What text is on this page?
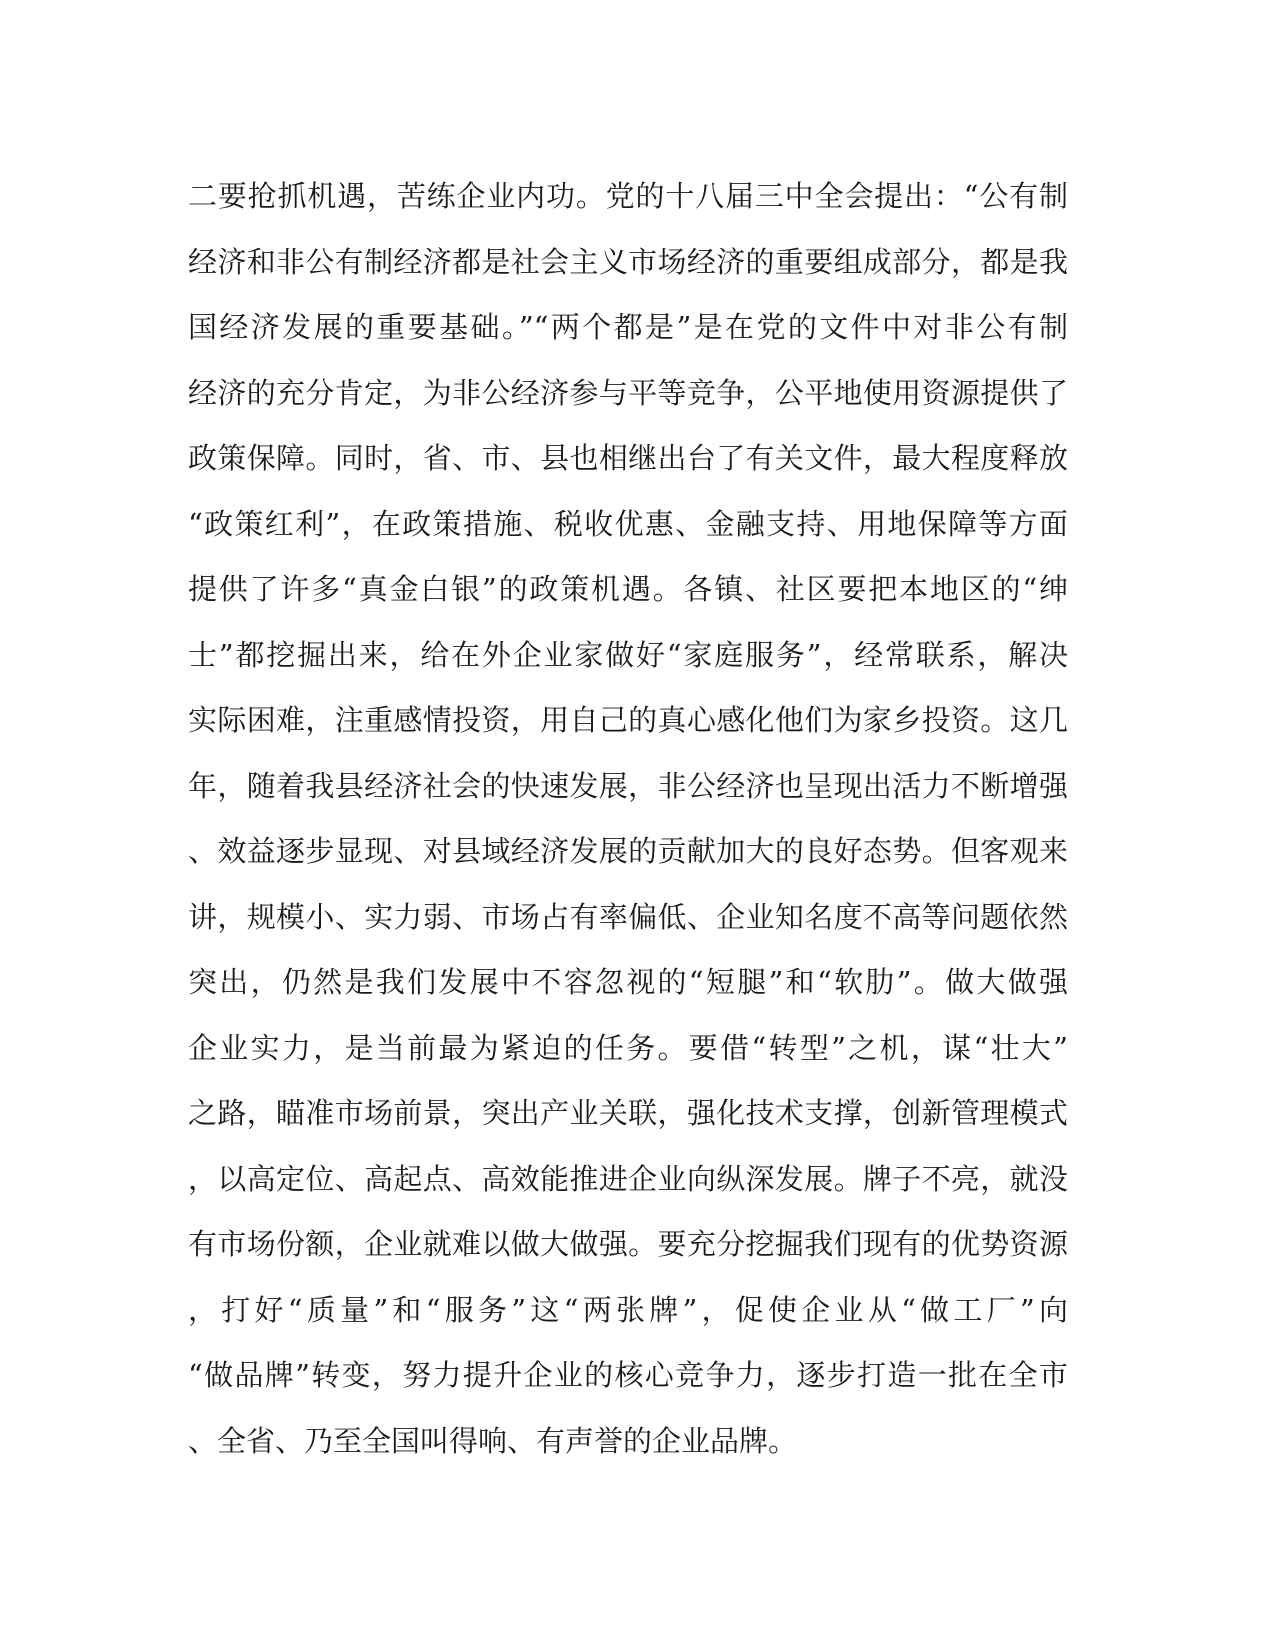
二要抢抓机遇，苦练企业内功。党的十八届三中全会提出：“公有制
经济和非公有制经济都是社会主义市场经济的重要组成部分，都是我
国经济发展的重要基础。”“两个都是”是在党的文件中对非公有制
经济的充分肯定，为非公经济参与平等竞争，公平地使用资源提供了
政策保障。同时，省、市、县也相继出台了有关文件，最大程度释放
“政策红利”，在政策措施、税收优惠、金融支持、用地保障等方面
提供了许多“真金白银”的政策机遇。各镇、社区要把本地区的“绅
士”都挖掘出来，给在外企业家做好“家庭服务”，经常联系，解决
实际困难，注重感情投资，用自己的真心感化他们为家乡投资。这几
年，随着我县经济社会的快速发展，非公经济也呈现出活力不断增强
、效益逐步显现、对县域经济发展的贡献加大的良好态势。但客观来
讲，规模小、实力弱、市场占有率偏低、企业知名度不高等问题依然
突出，仍然是我们发展中不容忽视的“短腿”和“软肋”。做大做强
企业实力，是当前最为紧迫的任务。要借“转型”之机，谋“壮大”
之路，瞄准市场前景，突出产业关联，强化技术支撑，创新管理模式
，以高定位、高起点、高效能推进企业向纵深发展。牌子不亮，就没
有市场份额，企业就难以做大做强。要充分挖掘我们现有的优势资源
，打好“质量”和“服务”这“两张牌”，促使企业从“做工厂”向
“做品牌”转变，努力提升企业的核心竞争力，逐步打造一批在全市
、全省、乃至全国叫得响、有声誉的企业品牌。
